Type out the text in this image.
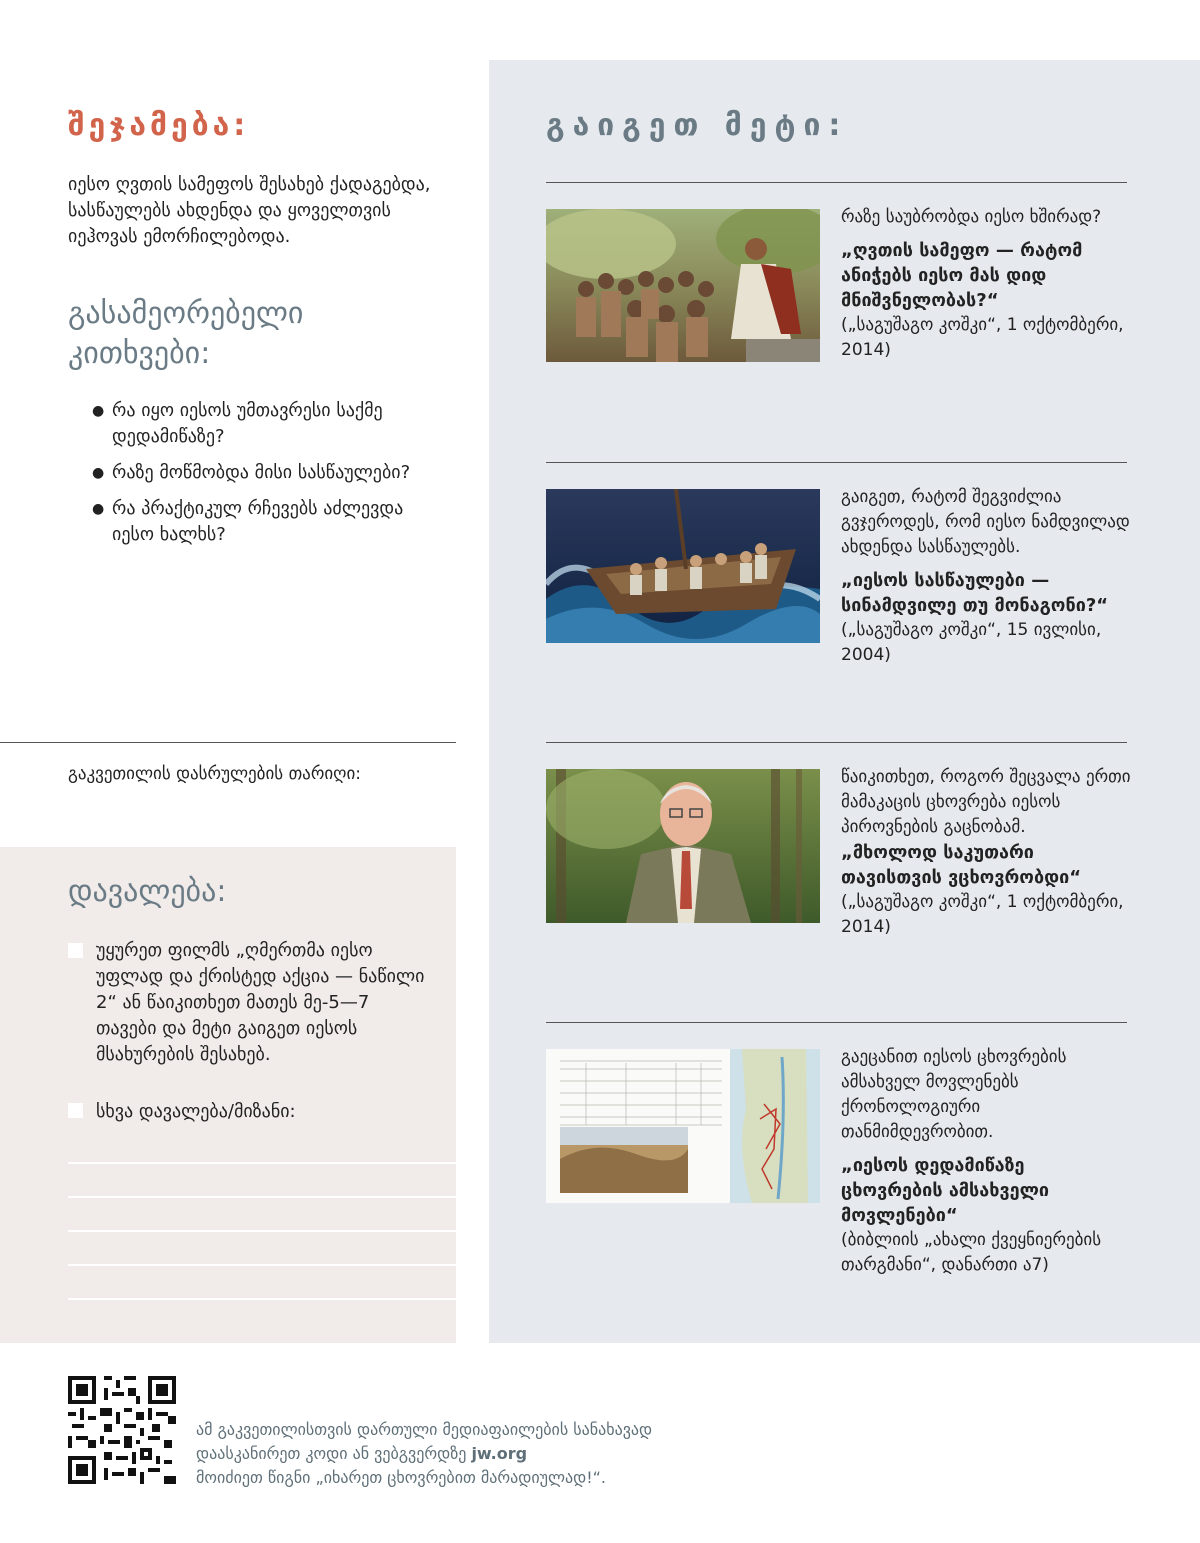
შეჯამება:
იესო ღვთის სამეფოს შესახებ ქადაგებდა, სასწაულებს ახდენდა და ყოველთვის იეჰოვას ემორჩილებოდა.
გასამეორებელი კითხვები:
● რა იყო იესოს უმთავრესი საქმე დედამიწაზე?
● რაზე მოწმობდა მისი სასწაულები?
● რა პრაქტიკულ რჩევებს აძლევდა იესო ხალხს?
გაკვეთილის დასრულების თარიღი:
დავალება:
უყურეთ ფილმს „ღმერთმა იესო უფლად და ქრისტედ აქცია — ნაწილი 2“ ან წაიკითხეთ მათეს მე-5—7 თავები და მეტი გაიგეთ იესოს მსახურების შესახებ.
სხვა დავალება/მიზანი:
გაიგეთ მეტი:
რაზე საუბრობდა იესო ხშირად?
„ღვთის სამეფო — რატომ ანიჭებს იესო მას დიდ მნიშვნელობას?“
(„საგუშაგო კოშკი“, 1 ოქტომბერი, 2014)
გაიგეთ, რატომ შეგვიძლია გვჯეროდეს, რომ იესო ნამდვილად ახდენდა სასწაულებს.
„იესოს სასწაულები — სინამდვილე თუ მონაგონი?“
(„საგუშაგო კოშკი“, 15 ივლისი, 2004)
წაიკითხეთ, როგორ შეცვალა ერთი მამაკაცის ცხოვრება იესოს პიროვნების გაცნობამ.
„მხოლოდ საკუთარი თავისთვის ვცხოვრობდი“
(„საგუშაგო კოშკი“, 1 ოქტომბერი, 2014)
გაეცანით იესოს ცხოვრების ამსახველ მოვლენებს ქრონოლოგიური თანმიმდევრობით.
„იესოს დედამიწაზე ცხოვრების ამსახველი მოვლენები“
(ბიბლიის „ახალი ქვეყნიერების თარგმანი“, დანართი ა7)
ამ გაკვეთილისთვის დართული მედიაფაილების სანახავად დაასკანირეთ კოდი ან ვებგვერდზე jw.org
მოიძიეთ წიგნი „იხარეთ ცხოვრებით მარადიულად!“.
